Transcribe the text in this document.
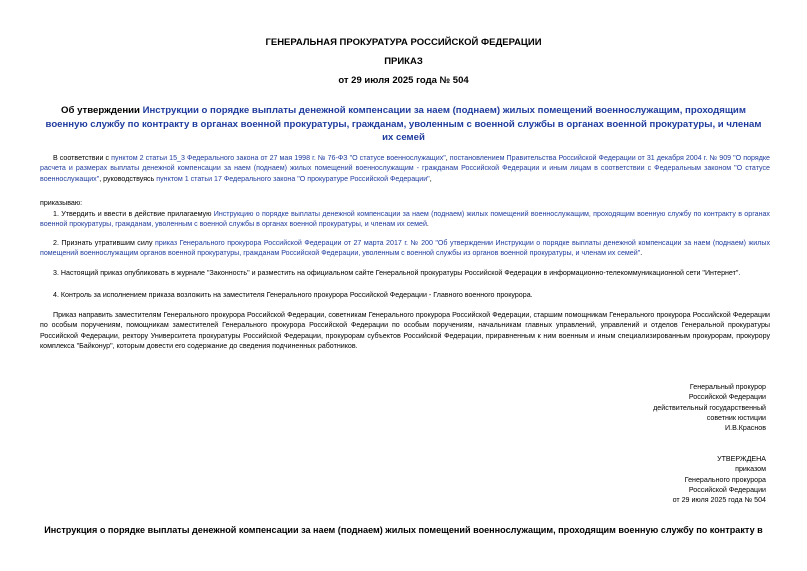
ГЕНЕРАЛЬНАЯ ПРОКУРАТУРА РОССИЙСКОЙ ФЕДЕРАЦИИ
ПРИКАЗ
от 29 июля 2025 года № 504
Об утверждении Инструкции о порядке выплаты денежной компенсации за наем (поднаем) жилых помещений военнослужащим, проходящим военную службу по контракту в органах военной прокуратуры, гражданам, уволенным с военной службы в органах военной прокуратуры, и членам их семей
В соответствии с пунктом 2 статьи 15_3 Федерального закона от 27 мая 1998 г. № 76-ФЗ "О статусе военнослужащих", постановлением Правительства Российской Федерации от 31 декабря 2004 г. № 909 "О порядке расчета и размерах выплаты денежной компенсации за наем (поднаем) жилых помещений военнослужащим - гражданам Российской Федерации и иным лицам в соответствии с Федеральным законом "О статусе военнослужащих", руководствуясь пунктом 1 статьи 17 Федерального закона "О прокуратуре Российской Федерации",
приказываю:
1. Утвердить и ввести в действие прилагаемую Инструкцию о порядке выплаты денежной компенсации за наем (поднаем) жилых помещений военнослужащим, проходящим военную службу по контракту в органах военной прокуратуры, гражданам, уволенным с военной службы в органах военной прокуратуры, и членам их семей.
2. Признать утратившим силу приказ Генерального прокурора Российской Федерации от 27 марта 2017 г. № 200 "Об утверждении Инструкции о порядке выплаты денежной компенсации за наем (поднаем) жилых помещений военнослужащим органов военной прокуратуры, гражданам Российской Федерации, уволенным с военной службы из органов военной прокуратуры, и членам их семей".
3. Настоящий приказ опубликовать в журнале "Законность" и разместить на официальном сайте Генеральной прокуратуры Российской Федерации в информационно-телекоммуникационной сети "Интернет".
4. Контроль за исполнением приказа возложить на заместителя Генерального прокурора Российской Федерации - Главного военного прокурора.
Приказ направить заместителям Генерального прокурора Российской Федерации, советникам Генерального прокурора Российской Федерации, старшим помощникам Генерального прокурора Российской Федерации по особым поручениям, помощникам заместителей Генерального прокурора Российской Федерации по особым поручениям, начальникам главных управлений, управлений и отделов Генеральной прокуратуры Российской Федерации, ректору Университета прокуратуры Российской Федерации, прокурорам субъектов Российской Федерации, приравненным к ним военным и иным специализированным прокурорам, прокурору комплекса "Байконур", которым довести его содержание до сведения подчиненных работников.
Генеральный прокурор
Российской Федерации
действительный государственный
советник юстиции
И.В.Краснов
УТВЕРЖДЕНА
приказом
Генерального прокурора
Российской Федерации
от 29 июля 2025 года № 504
Инструкция о порядке выплаты денежной компенсации за наем (поднаем) жилых помещений военнослужащим, проходящим военную службу по контракту в
